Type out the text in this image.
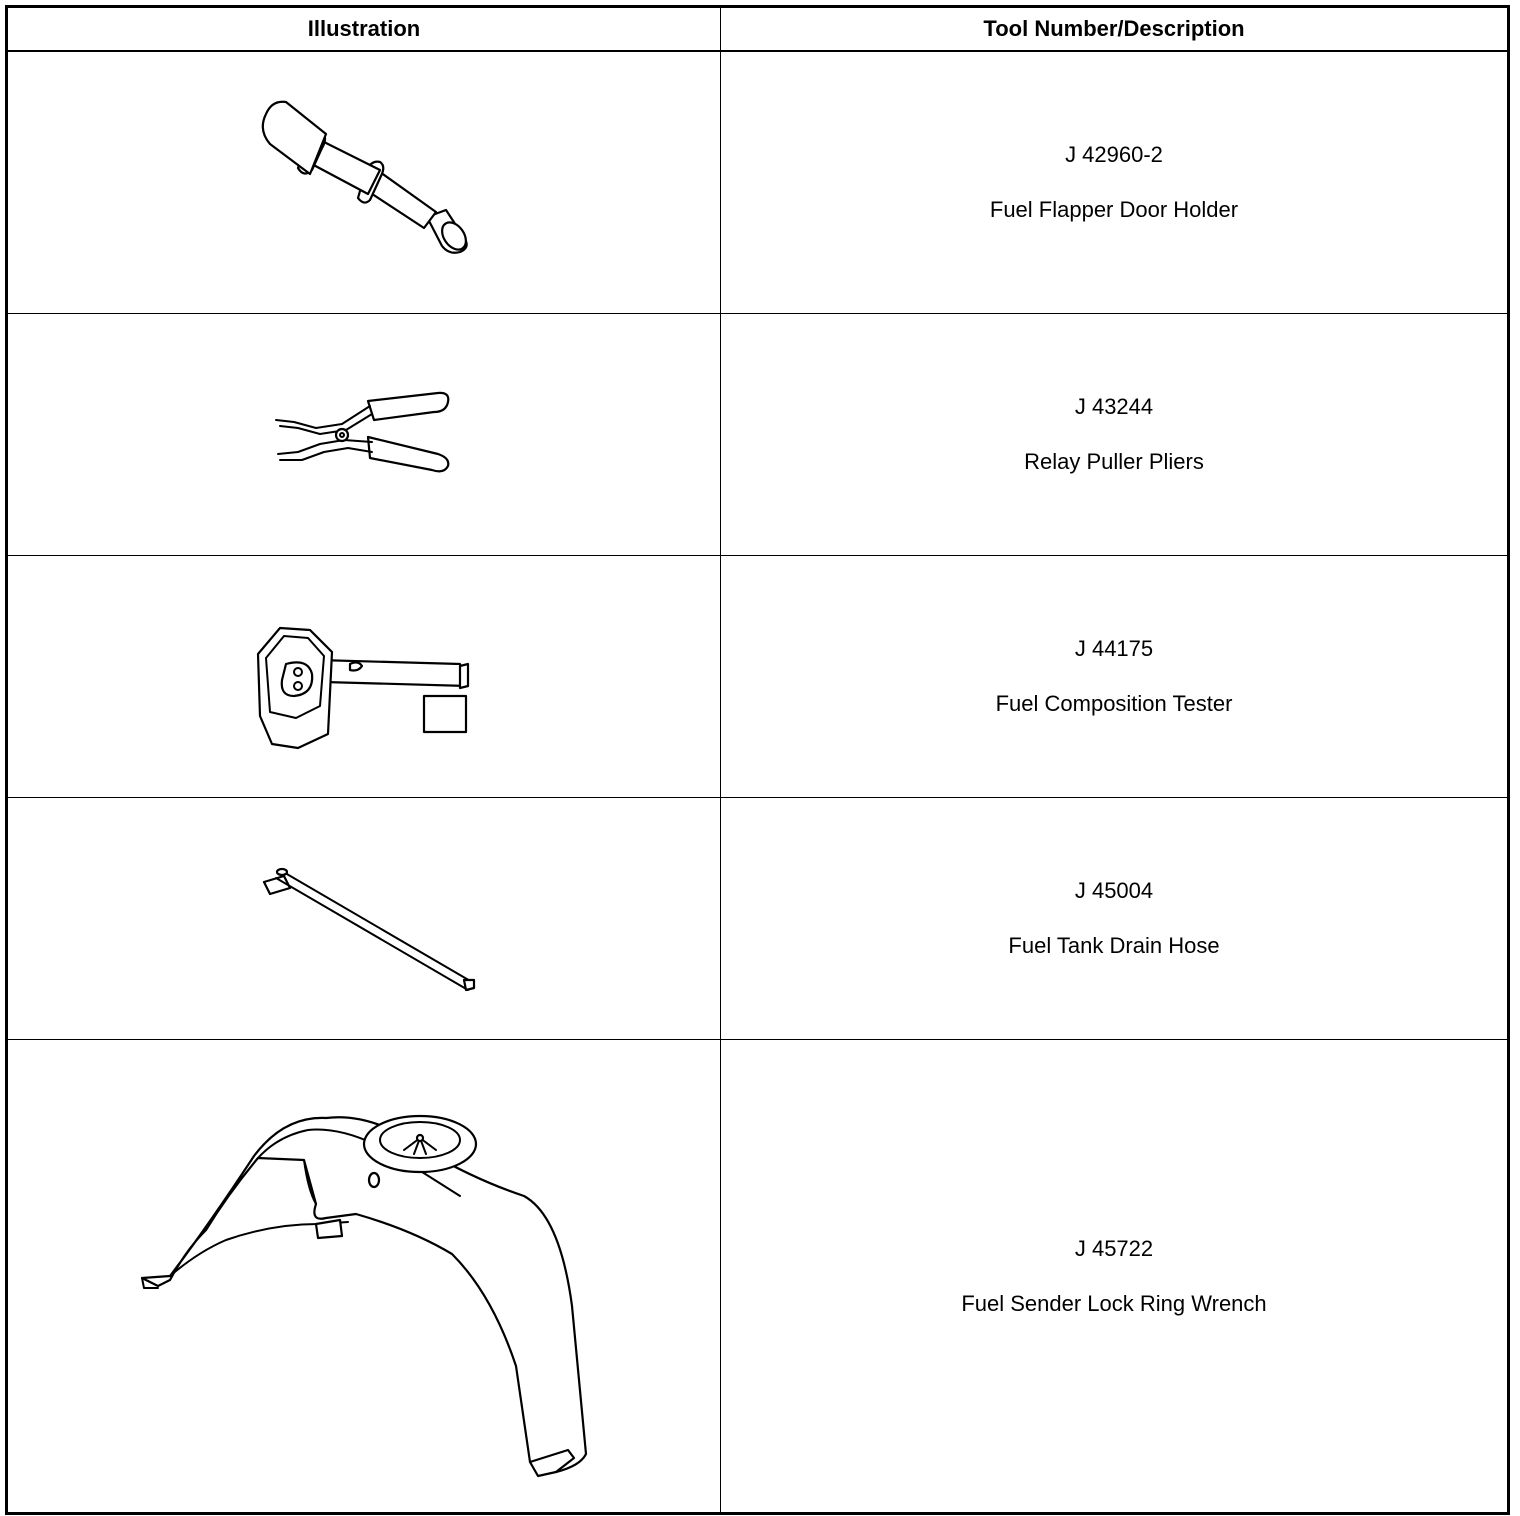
Illustration	Tool Number/Description

J 42960-2
Fuel Flapper Door Holder

J 43244
Relay Puller Pliers

J 44175
Fuel Composition Tester

J 45004
Fuel Tank Drain Hose

J 45722
Fuel Sender Lock Ring Wrench
